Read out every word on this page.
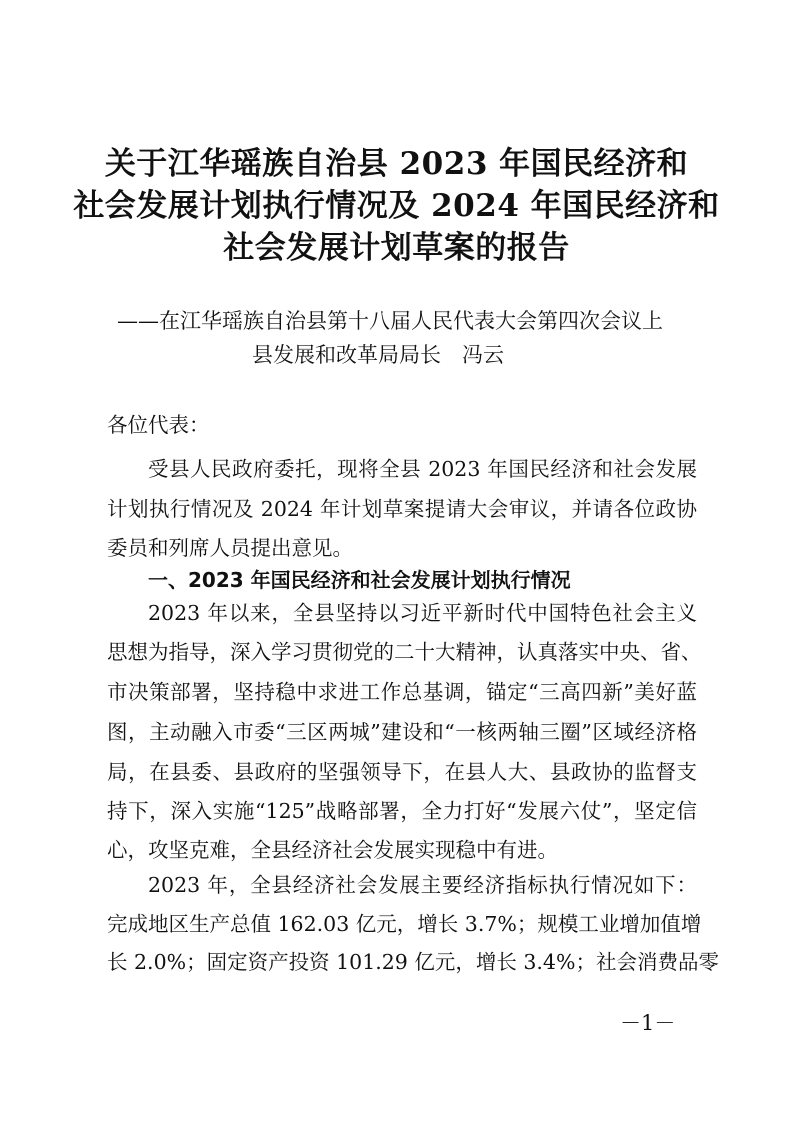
关于江华瑶族自治县 2023 年国民经济和
社会发展计划执行情况及 2024 年国民经济和
社会发展计划草案的报告
——在江华瑶族自治县第十八届人民代表大会第四次会议上
县发展和改革局局长　冯云
各位代表：
受县人民政府委托，现将全县 2023 年国民经济和社会发展
计划执行情况及 2024 年计划草案提请大会审议，并请各位政协
委员和列席人员提出意见。
一、2023 年国民经济和社会发展计划执行情况
2023 年以来，全县坚持以习近平新时代中国特色社会主义
思想为指导，深入学习贯彻党的二十大精神，认真落实中央、省、
市决策部署，坚持稳中求进工作总基调，锚定“三高四新”美好蓝
图，主动融入市委“三区两城”建设和“一核两轴三圈”区域经济格
局，在县委、县政府的坚强领导下，在县人大、县政协的监督支
持下，深入实施“125”战略部署，全力打好“发展六仗”，坚定信
心，攻坚克难，全县经济社会发展实现稳中有进。
2023 年，全县经济社会发展主要经济指标执行情况如下：
完成地区生产总值 162.03 亿元，增长 3.7%；规模工业增加值增
长 2.0%；固定资产投资 101.29 亿元，增长 3.4%；社会消费品零
－1－
